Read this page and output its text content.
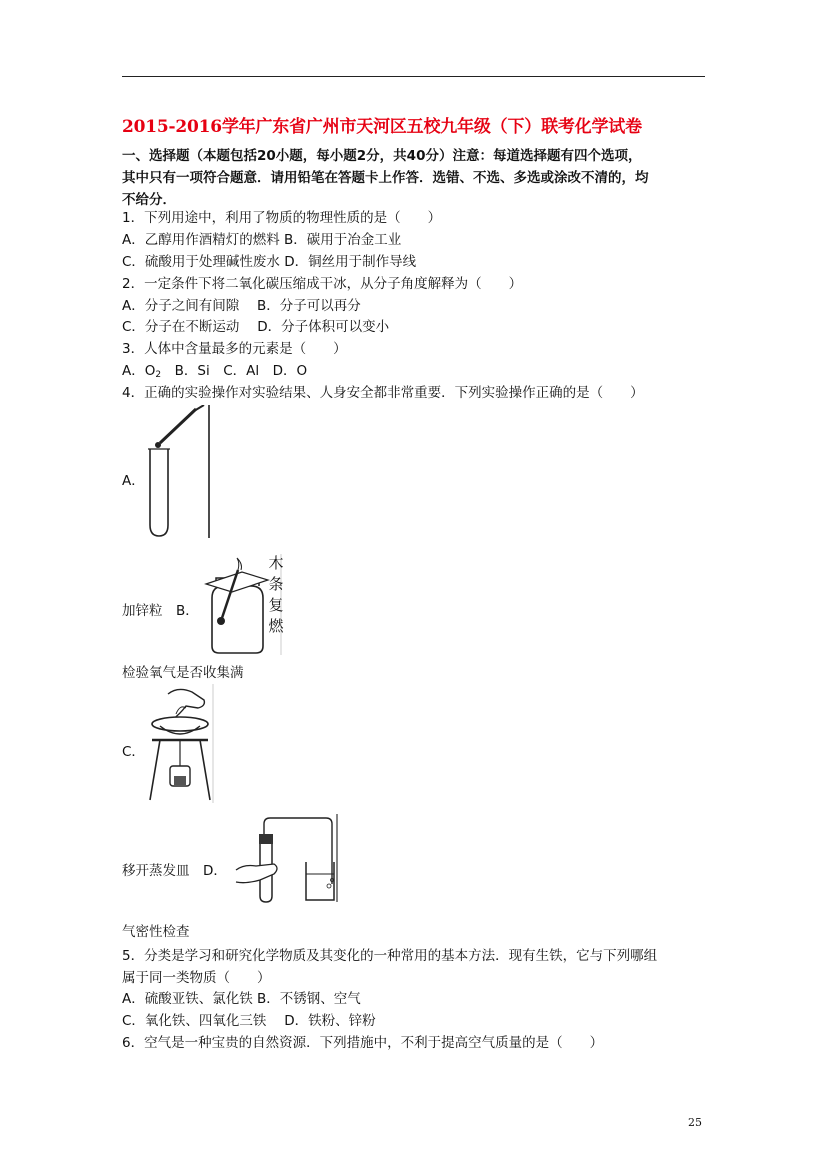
2015-2016学年广东省广州市天河区五校九年级（下）联考化学试卷
一、选择题（本题包括20小题，每小题2分，共40分）注意：每道选择题有四个选项，
其中只有一项符合题意．请用铅笔在答题卡上作答．选错、不选、多选或涂改不清的，均
不给分．
1．下列用途中，利用了物质的物理性质的是（　　）
A．乙醇用作酒精灯的燃料 B．碳用于冶金工业
C．硫酸用于处理碱性废水 D．铜丝用于制作导线
2．一定条件下将二氧化碳压缩成干冰，从分子角度解释为（　　）
A．分子之间有间隙　 B．分子可以再分
C．分子在不断运动　 D．分子体积可以变小
3．人体中含量最多的元素是（　　）
A．$O_2$　B．Si　C．Al　D．O
4．正确的实验操作对实验结果、人身安全都非常重要．下列实验操作正确的是（　　）
A．
加锌粒　B．
木
条
复
燃
检验氧气是否收集满
C．
移开蒸发皿　D．
气密性检查
5．分类是学习和研究化学物质及其变化的一种常用的基本方法．现有生铁，它与下列哪组
属于同一类物质（　　）
A．硫酸亚铁、氯化铁 B．不锈钢、空气
C．氧化铁、四氧化三铁　 D．铁粉、锌粉
6．空气是一种宝贵的自然资源．下列措施中，不利于提高空气质量的是（　　）
25
